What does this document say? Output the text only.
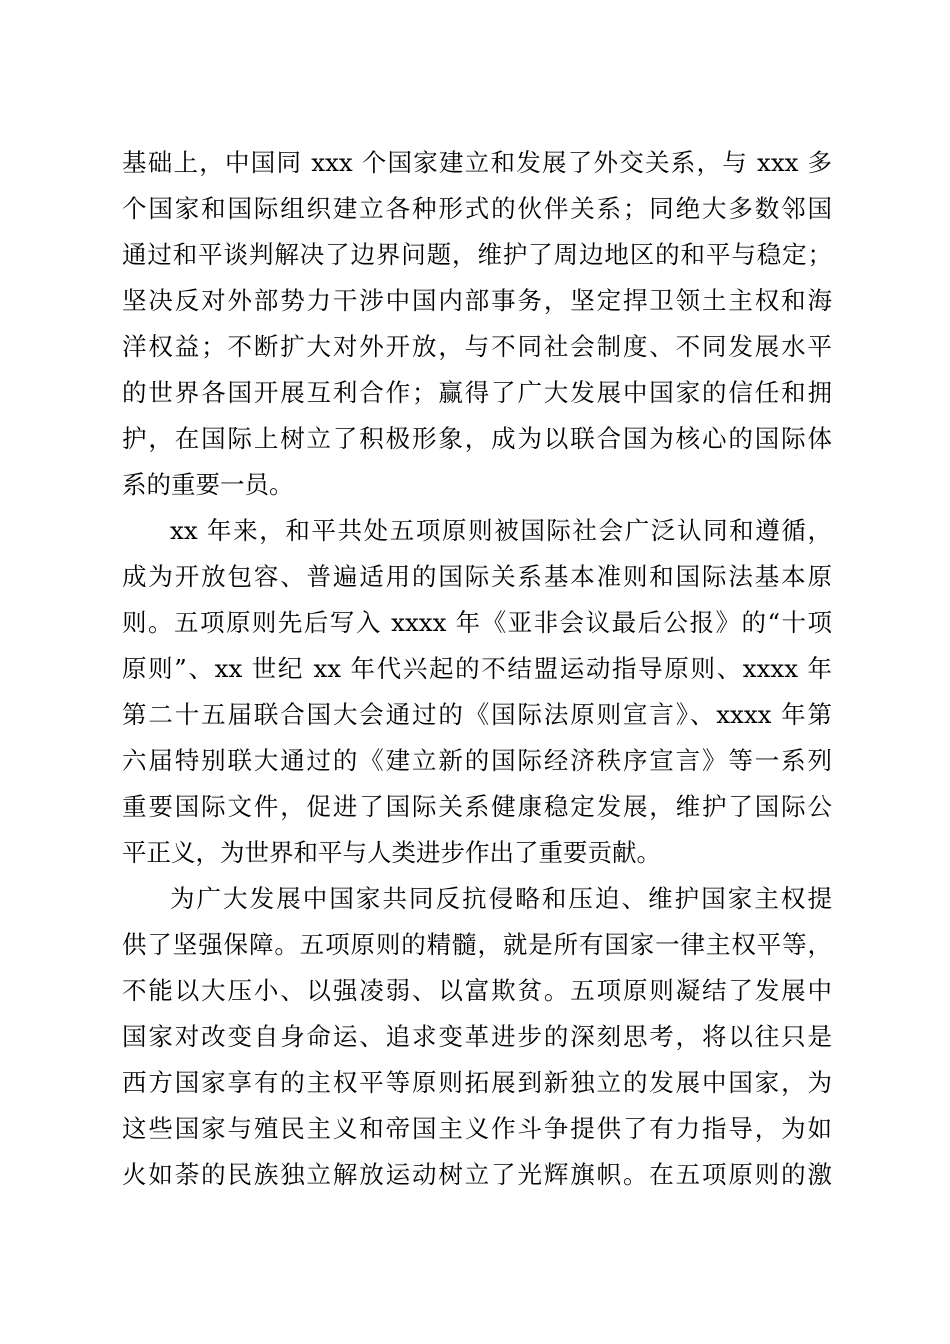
基础上，中国同 xxx 个国家建立和发展了外交关系，与 xxx 多
个国家和国际组织建立各种形式的伙伴关系；同绝大多数邻国
通过和平谈判解决了边界问题，维护了周边地区的和平与稳定；
坚决反对外部势力干涉中国内部事务，坚定捍卫领土主权和海
洋权益；不断扩大对外开放，与不同社会制度、不同发展水平
的世界各国开展互利合作；赢得了广大发展中国家的信任和拥
护，在国际上树立了积极形象，成为以联合国为核心的国际体
系的重要一员。
xx 年来，和平共处五项原则被国际社会广泛认同和遵循，
成为开放包容、普遍适用的国际关系基本准则和国际法基本原
则。五项原则先后写入 xxxx 年《亚非会议最后公报》的“十项
原则”、xx 世纪 xx 年代兴起的不结盟运动指导原则、xxxx 年
第二十五届联合国大会通过的《国际法原则宣言》、xxxx 年第
六届特别联大通过的《建立新的国际经济秩序宣言》等一系列
重要国际文件，促进了国际关系健康稳定发展，维护了国际公
平正义，为世界和平与人类进步作出了重要贡献。
为广大发展中国家共同反抗侵略和压迫、维护国家主权提
供了坚强保障。五项原则的精髓，就是所有国家一律主权平等，
不能以大压小、以强凌弱、以富欺贫。五项原则凝结了发展中
国家对改变自身命运、追求变革进步的深刻思考，将以往只是
西方国家享有的主权平等原则拓展到新独立的发展中国家，为
这些国家与殖民主义和帝国主义作斗争提供了有力指导，为如
火如荼的民族独立解放运动树立了光辉旗帜。在五项原则的激
